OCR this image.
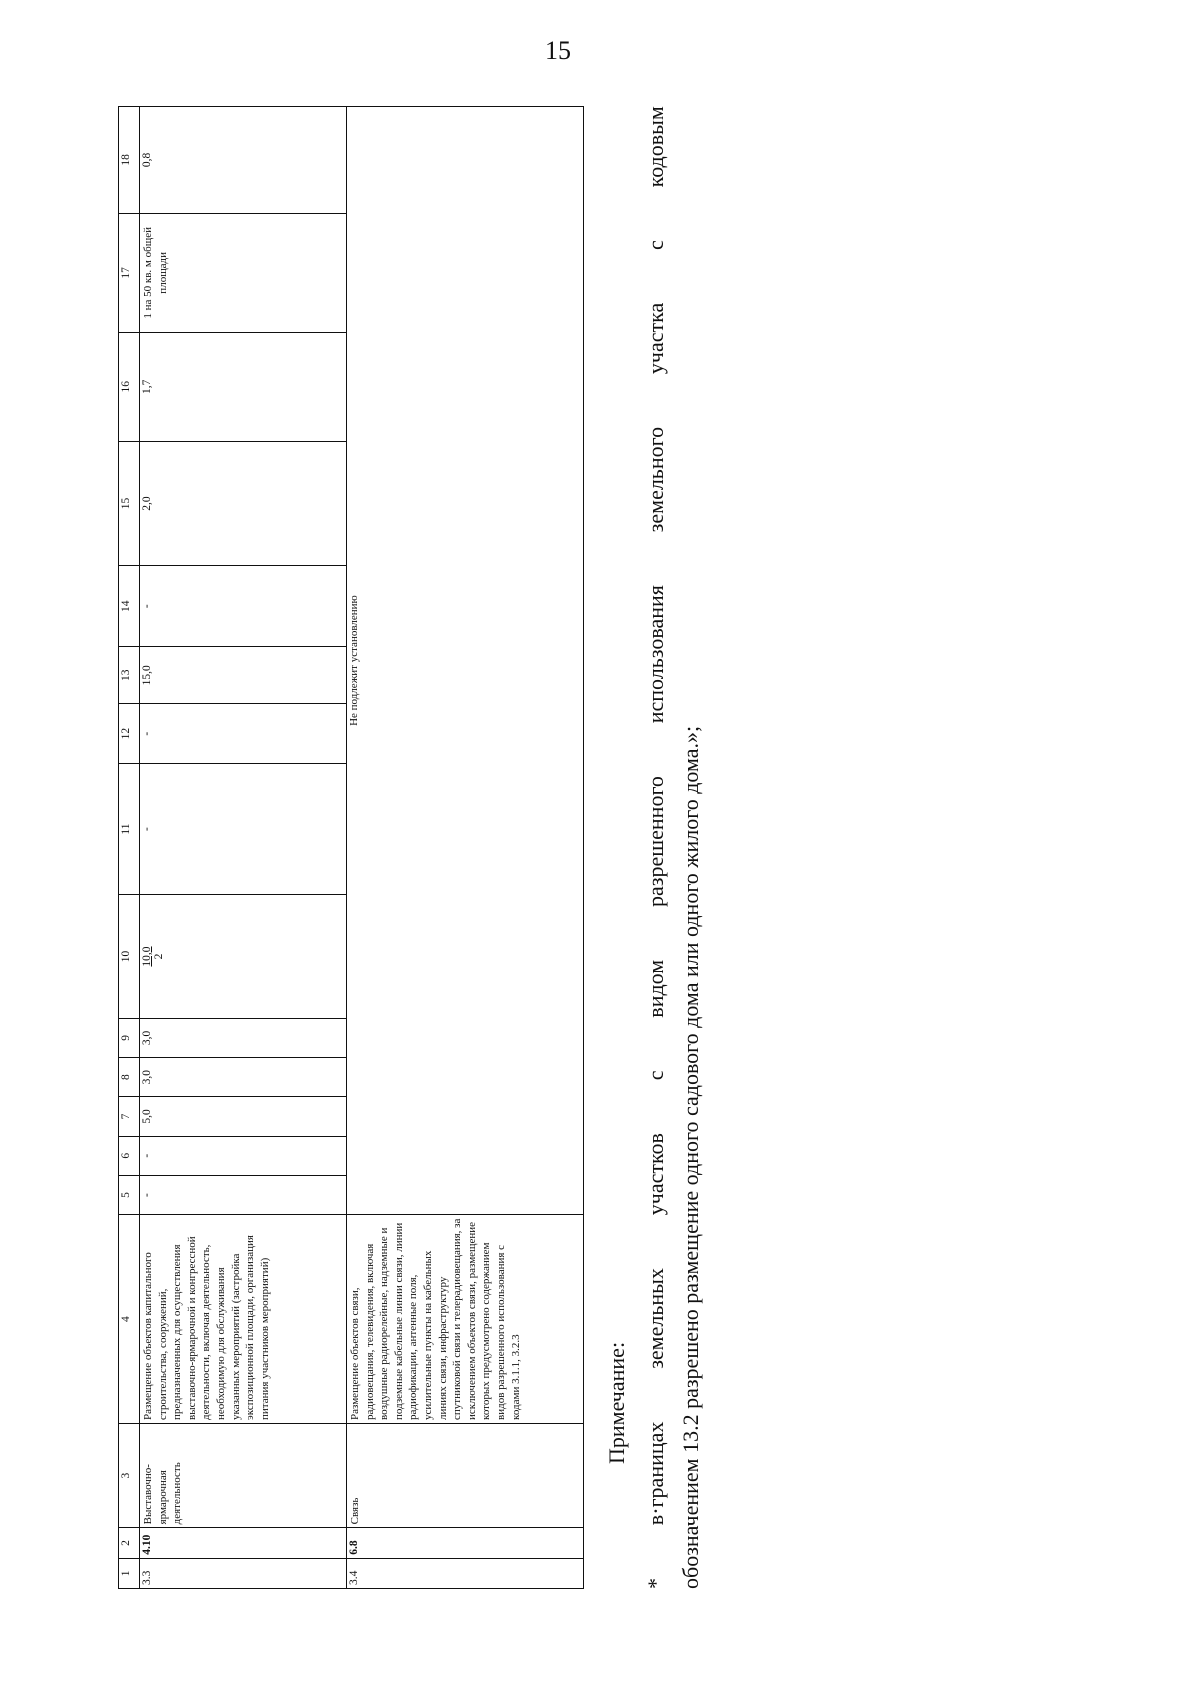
15
1	2	3	4	5	6	7	8	9	10	11	12	13	14	15	16	17	18
3.3	4.10	Выставочно-ярмарочная деятельность	Размещение объектов капитального строительства, сооружений, предназначенных для осуществления выставочно-ярмарочной и конгрессной деятельности, включая деятельность, необходимую для обслуживания указанных мероприятий (застройка экспозиционной площади, организация питания участников мероприятий)	-	-	5,0	3,0	3,0	10,0 2	-	-	15,0	-	2,0	1,7	1 на 50 кв. м общей площади	0,8
3.4	6.8	Связь	Размещение объектов связи, радиовещания, телевидения, включая воздушные радиорелейные, надземные и подземные кабельные линии связи, линии радиофикации, антенные поля, усилительные пункты на кабельных линиях связи, инфраструктуру спутниковой связи и телерадиовещания, за исключением объектов связи, размещение которых предусмотрено содержанием видов разрешенного использования с кодами 3.1.1, 3.2.3	Не подлежит установлению													
Примечание:
*
в·границах
земельных
участков
с
видом
разрешенного
использования
земельного
участка
с
кодовым
обозначением 13.2 разрешено размещение одного садового дома или одного жилого дома.»;
